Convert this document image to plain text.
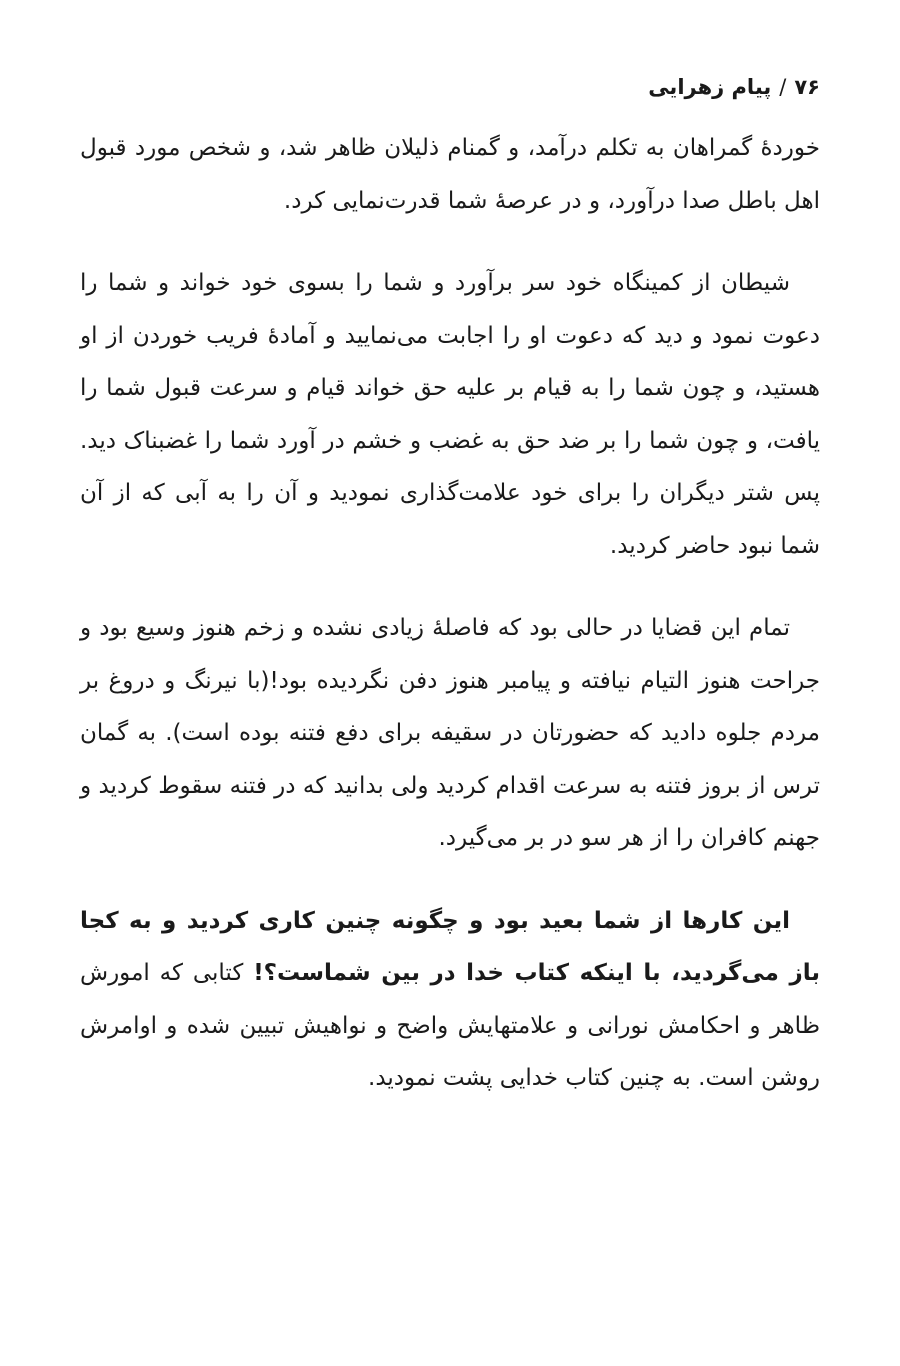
۷۶/پیام زهرایی

خوردهٔ گمراهان به تکلم درآمد، و گمنام ذلیلان ظاهر شد، و شخص مورد قبول اهل باطل صدا درآورد، و در عرصهٔ شما قدرت‌نمایی کرد.

شیطان از کمینگاه خود سر برآورد و شما را بسوی خود خواند و شما را دعوت نمود و دید که دعوت او را اجابت می‌نمایید و آمادهٔ فریب خوردن از او هستید، و چون شما را به قیام بر علیه حق خواند قیام و سرعت قبول شما را یافت، و چون شما را بر ضد حق به غضب و خشم در آورد شما را غضبناک دید. پس شتر دیگران را برای خود علامت‌گذاری نمودید و آن را به آبی که از آن شما نبود حاضر کردید.

تمام این قضایا در حالی بود که فاصلهٔ زیادی نشده و زخم هنوز وسیع بود و جراحت هنوز التیام نیافته و پیامبر هنوز دفن نگردیده بود!(با نیرنگ و دروغ بر مردم جلوه دادید که حضورتان در سقیفه برای دفع فتنه بوده است). به گمان ترس از بروز فتنه به سرعت اقدام کردید ولی بدانید که در فتنه سقوط کردید و جهنم کافران را از هر سو در بر می‌گیرد.

این کارها از شما بعید بود و چگونه چنین کاری کردید و به کجا باز می‌گردید، با اینکه کتاب خدا در بین شماست؟! کتابی که امورش ظاهر و احکامش نورانی و علامتهایش واضح و نواهیش تبیین شده و اوامرش روشن است. به چنین کتاب خدایی پشت نمودید.
